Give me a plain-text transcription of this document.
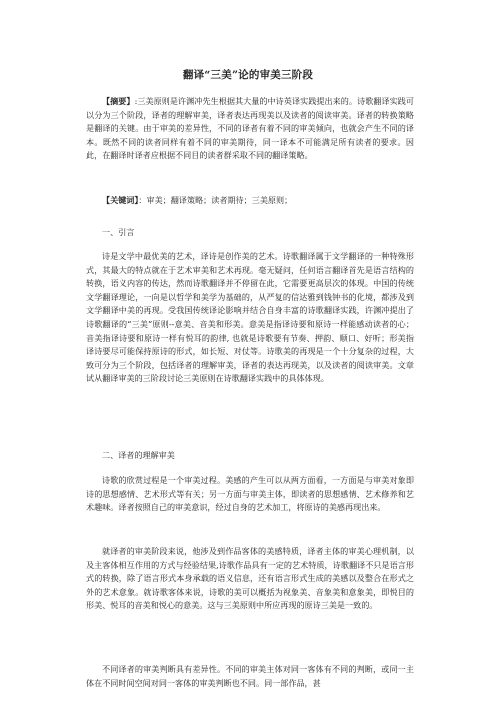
翻译“三美”论的审美三阶段

【摘要】:三美原则是许渊冲先生根据其大量的中诗英译实践提出来的。诗歌翻译实践可以分为三个阶段，译者的理解审美，译者表达再现美以及读者的阅读审美。译者的转换策略是翻译的关键。由于审美的差异性，不同的译者有着不同的审美倾向，也就会产生不同的译本。既然不同的读者同样有着不同的审美期待，同一译本不可能满足所有读者的要求。因此，在翻译时译者应根据不同目的读者群采取不同的翻译策略。

【关键词】：审美；翻译策略；读者期待；三美原则；

一、引言

诗是文学中最优美的艺术，译诗是创作美的艺术。诗歌翻译属于文学翻译的一种特殊形式，其最大的特点就在于艺术审美和艺术再现。毫无疑问，任何语言翻译首先是语言结构的转换，语义内容的传达，然而诗歌翻译并不停留在此，它需要更高层次的体现。中国的传统文学翻译理论，一向是以哲学和美学为基础的，从严复的信达雅到钱钟书的化境，都涉及到文学翻译中美的再现。受我国传统译论影响并结合自身丰富的诗歌翻译实践，许渊冲提出了诗歌翻译的“三美”原则--意美、音美和形美。意美是指译诗要和原诗一样能感动读者的心；音美指译诗要和原诗一样有悦耳的韵律, 也就是诗歌要有节奏、押韵、顺口、好听；形美指译诗要尽可能保持原诗的形式，如长短、对仗等。诗歌美的再现是一个十分复杂的过程，大致可分为三个阶段，包括译者的理解审美，译者的表达再现美，以及读者的阅读审美。文章试从翻译审美的三阶段讨论三美原则在诗歌翻译实践中的具体体现。

二、译者的理解审美

诗歌的欣赏过程是一个审美过程。美感的产生可以从两方面看，一方面是与审美对象即诗的思想感情、艺术形式等有关；另一方面与审美主体，即读者的思想感情、艺术修养和艺术趣味。译者按照自己的审美意识，经过自身的艺术加工，将原诗的美感再现出来。

就译者的审美阶段来说，他涉及到作品客体的美感特质，译者主体的审美心理机制，以及主客体相互作用的方式与经验结果,诗歌作品具有一定的艺术特质，诗歌翻译不只是语言形式的转换，除了语言形式本身承载的语义信息，还有语言形式生成的美感以及整合在形式之外的艺术意象。就诗歌客体来说，诗歌的美可以概括为视象美、音象美和意象美，即悦目的形美、悦耳的音美和悦心的意美。这与三美原则中所应再现的原诗三美是一致的。

不同译者的审美判断具有差异性。不同的审美主体对同一客体有不同的判断，或同一主体在不同时间空间对同一客体的审美判断也不同。同一部作品，甚
